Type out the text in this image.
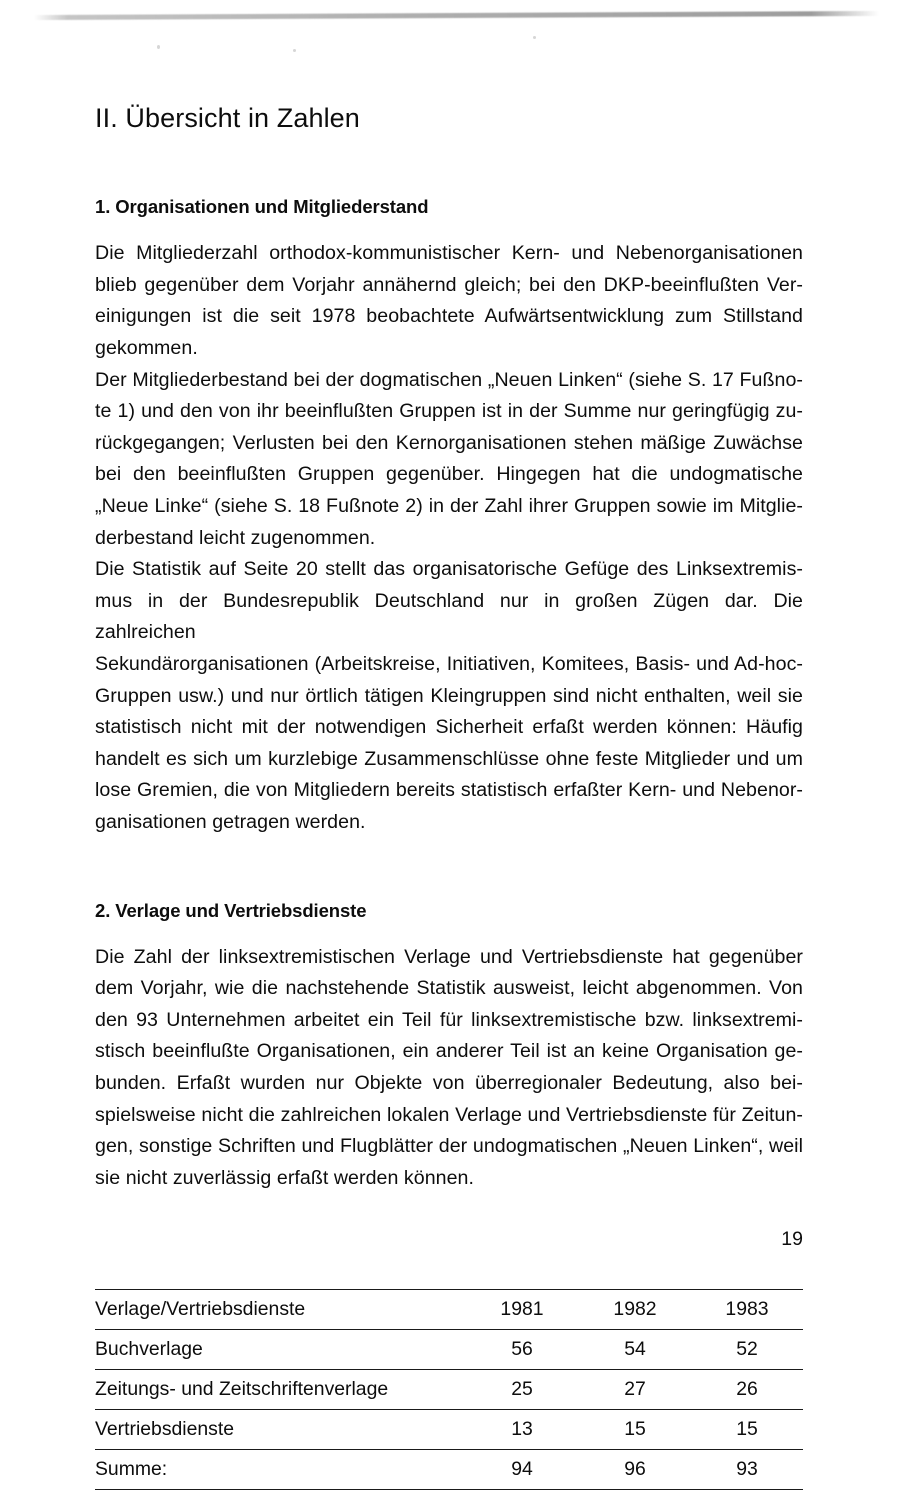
II. Übersicht in Zahlen
1. Organisationen und Mitgliederstand

Die Mitgliederzahl orthodox-kommunistischer Kern- und Nebenorganisationen
blieb gegenüber dem Vorjahr annähernd gleich; bei den DKP-beeinflußten Ver-
einigungen ist die seit 1978 beobachtete Aufwärtsentwicklung zum Stillstand
gekommen.

Der Mitgliederbestand bei der dogmatischen „Neuen Linken“ (siehe S. 17 Fußno-
te 1) und den von ihr beeinflußten Gruppen ist in der Summe nur geringfügig zu-
rückgegangen; Verlusten bei den Kernorganisationen stehen mäßige Zuwächse
bei den beeinflußten Gruppen gegenüber. Hingegen hat die undogmatische
„Neue Linke“ (siehe S. 18 Fußnote 2) in der Zahl ihrer Gruppen sowie im Mitglie-
derbestand leicht zugenommen.

Die Statistik auf Seite 20 stellt das organisatorische Gefüge des Linksextremis-
mus in der Bundesrepublik Deutschland nur in großen Zügen dar. Die zahlreichen
Sekundärorganisationen (Arbeitskreise, Initiativen, Komitees, Basis- und Ad-hoc-
Gruppen usw.) und nur örtlich tätigen Kleingruppen sind nicht enthalten, weil sie
statistisch nicht mit der notwendigen Sicherheit erfaßt werden können: Häufig
handelt es sich um kurzlebige Zusammenschlüsse ohne feste Mitglieder und um
lose Gremien, die von Mitgliedern bereits statistisch erfaßter Kern- und Nebenor-
ganisationen getragen werden.

2. Verlage und Vertriebsdienste

Die Zahl der linksextremistischen Verlage und Vertriebsdienste hat gegenüber
dem Vorjahr, wie die nachstehende Statistik ausweist, leicht abgenommen. Von
den 93 Unternehmen arbeitet ein Teil für linksextremistische bzw. linksextremi-
stisch beeinflußte Organisationen, ein anderer Teil ist an keine Organisation ge-
bunden. Erfaßt wurden nur Objekte von überregionaler Bedeutung, also bei-
spielsweise nicht die zahlreichen lokalen Verlage und Vertriebsdienste für Zeitun-
gen, sonstige Schriften und Flugblätter der undogmatischen „Neuen Linken“, weil
sie nicht zuverlässig erfaßt werden können.

Verlage/Vertriebsdienste	1981	1982	1983
Buchverlage	56	54	52
Zeitungs- und Zeitschriftenverlage	25	27	26
Vertriebsdienste	13	15	15
Summe:	94	96	93
19
